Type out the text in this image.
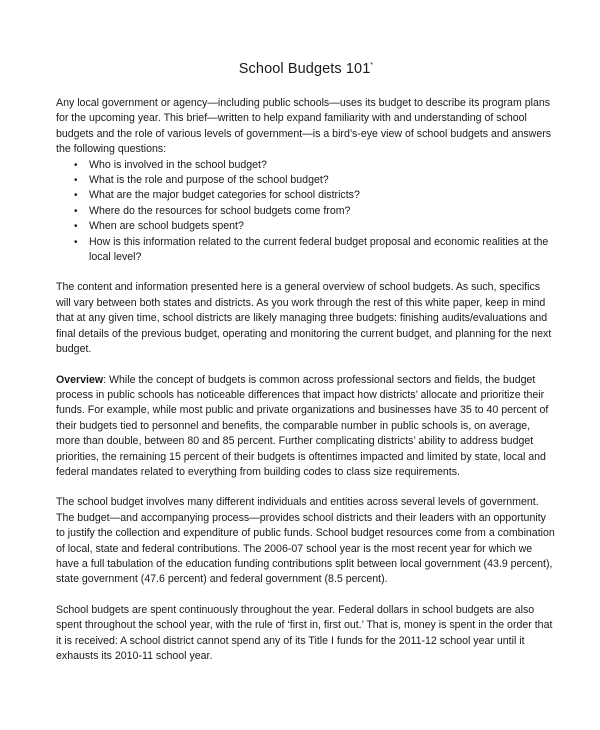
School Budgets 101*

Any local government or agency—including public schools—uses its budget to describe its program plans for the upcoming year. This brief—written to help expand familiarity with and understanding of school budgets and the role of various levels of government—is a bird’s-eye view of school budgets and answers the following questions:

• Who is involved in the school budget?
• What is the role and purpose of the school budget?
• What are the major budget categories for school districts?
• Where do the resources for school budgets come from?
• When are school budgets spent?
• How is this information related to the current federal budget proposal and economic realities at the local level?

The content and information presented here is a general overview of school budgets. As such, specifics will vary between both states and districts. As you work through the rest of this white paper, keep in mind that at any given time, school districts are likely managing three budgets: finishing audits/evaluations and final details of the previous budget, operating and monitoring the current budget, and planning for the next budget.

Overview: While the concept of budgets is common across professional sectors and fields, the budget process in public schools has noticeable differences that impact how districts’ allocate and prioritize their funds. For example, while most public and private organizations and businesses have 35 to 40 percent of their budgets tied to personnel and benefits, the comparable number in public schools is, on average, more than double, between 80 and 85 percent. Further complicating districts’ ability to address budget priorities, the remaining 15 percent of their budgets is oftentimes impacted and limited by state, local and federal mandates related to everything from building codes to class size requirements.

The school budget involves many different individuals and entities across several levels of government. The budget—and accompanying process—provides school districts and their leaders with an opportunity to justify the collection and expenditure of public funds. School budget resources come from a combination of local, state and federal contributions. The 2006-07 school year is the most recent year for which we have a full tabulation of the education funding contributions split between local government (43.9 percent), state government (47.6 percent) and federal government (8.5 percent).

School budgets are spent continuously throughout the year. Federal dollars in school budgets are also spent throughout the school year, with the rule of ‘first in, first out.’ That is, money is spent in the order that it is received: A school district cannot spend any of its Title I funds for the 2011-12 school year until it exhausts its 2010-11 school year.
